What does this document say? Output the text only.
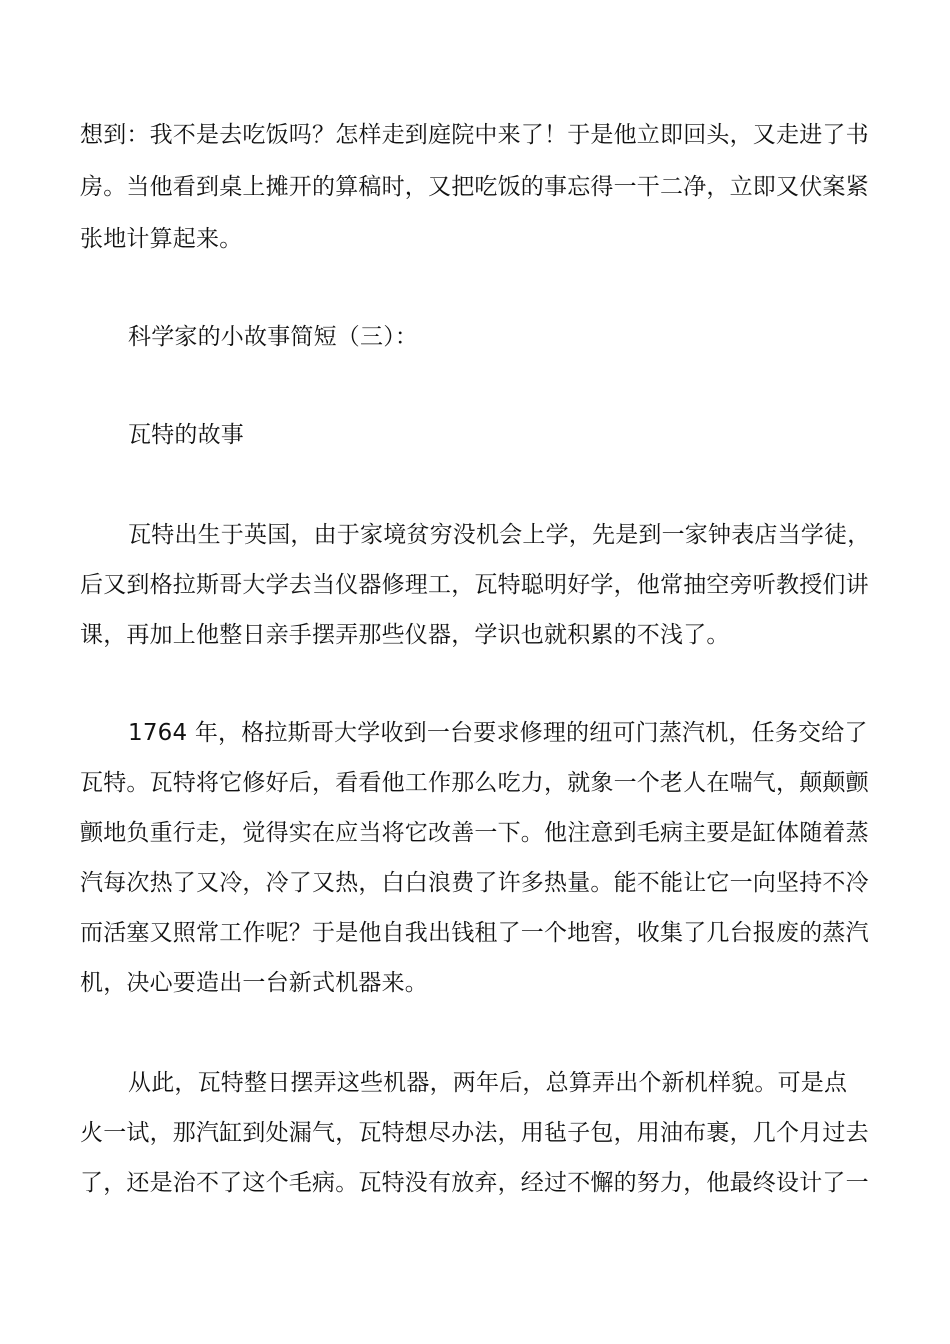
想到：我不是去吃饭吗？怎样走到庭院中来了！于是他立即回头，又走进了书
房。当他看到桌上摊开的算稿时，又把吃饭的事忘得一干二净，立即又伏案紧
张地计算起来。
科学家的小故事简短（三）：
瓦特的故事
瓦特出生于英国，由于家境贫穷没机会上学，先是到一家钟表店当学徒，
后又到格拉斯哥大学去当仪器修理工，瓦特聪明好学，他常抽空旁听教授们讲
课，再加上他整日亲手摆弄那些仪器，学识也就积累的不浅了。
1764 年，格拉斯哥大学收到一台要求修理的纽可门蒸汽机，任务交给了
瓦特。瓦特将它修好后，看看他工作那么吃力，就象一个老人在喘气，颠颠颤
颤地负重行走，觉得实在应当将它改善一下。他注意到毛病主要是缸体随着蒸
汽每次热了又冷，冷了又热，白白浪费了许多热量。能不能让它一向坚持不冷
而活塞又照常工作呢？于是他自我出钱租了一个地窖，收集了几台报废的蒸汽
机，决心要造出一台新式机器来。
从此，瓦特整日摆弄这些机器，两年后，总算弄出个新机样貌。可是点
火一试，那汽缸到处漏气，瓦特想尽办法，用毡子包，用油布裹，几个月过去
了，还是治不了这个毛病。瓦特没有放弃，经过不懈的努力，他最终设计了一
